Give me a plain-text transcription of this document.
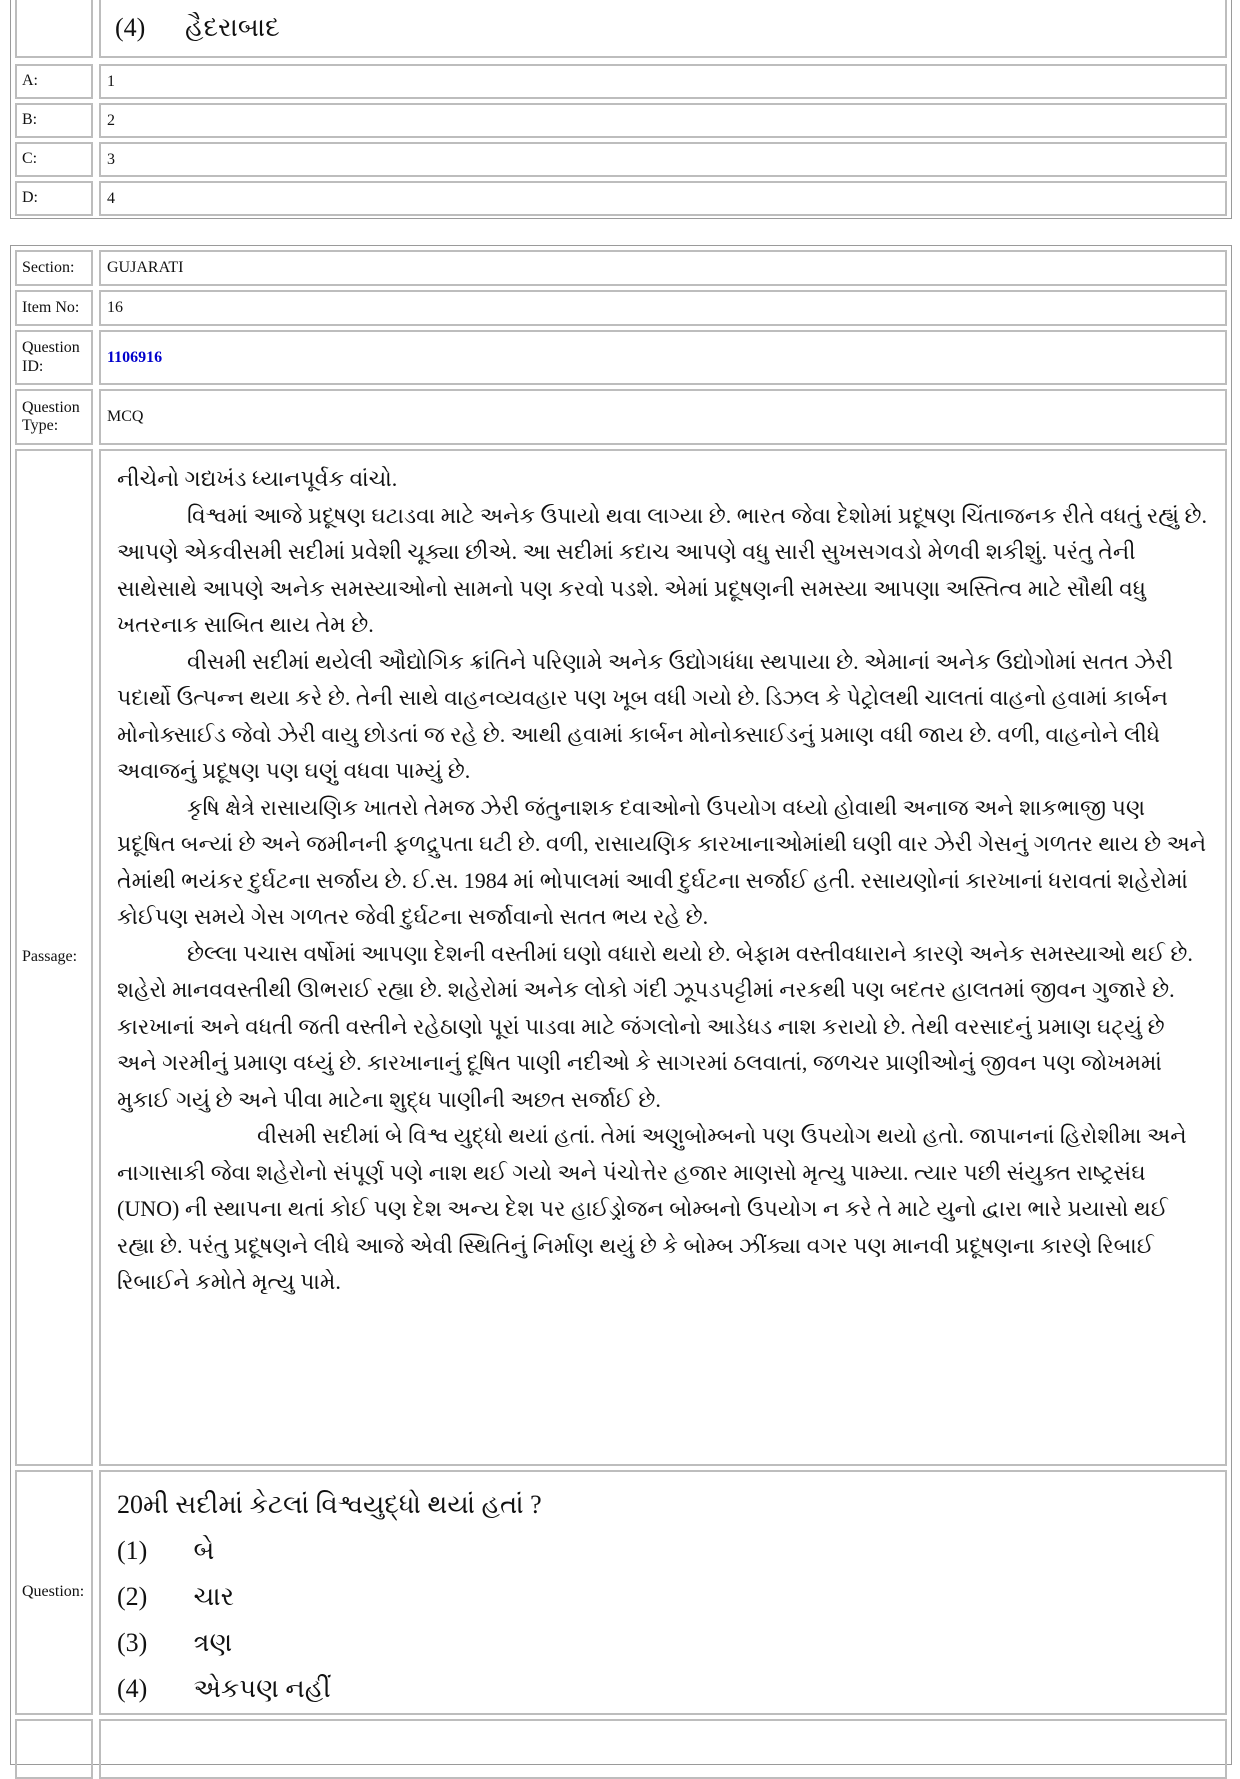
(4)	હૈદરાબાદ
A:	1
B:	2
C:	3
D:	4
Section:	GUJARATI
Item No:	16
Question ID:
1106916
Question Type:
MCQ
Passage:

નીચેનો ગદ્યખંડ ધ્યાનપૂર્વક વાંચો.

વિશ્વમાં આજે પ્રદૂષણ ઘટાડવા માટે અનેક ઉપાયો થવા લાગ્યા છે. ભારત જેવા દેશોમાં પ્રદૂષણ ચિંતાજનક રીતે વધતું રહ્યું છે.

આપણે એકવીસમી સદીમાં પ્રવેશી ચૂક્યા છીએ. આ સદીમાં કદાચ આપણે વધુ સારી સુખસગવડો મેળવી શકીશું. પરંતુ તેની સાથેસાથે આપણે અનેક સમસ્યાઓનો સામનો પણ કરવો પડશે. એમાં પ્રદૂષણની સમસ્યા આપણા અસ્તિત્વ માટે સૌથી વધુ ખતરનાક સાબિત થાય તેમ છે.

વીસમી સદીમાં થયેલી ઔદ્યોગિક ક્રાંતિને પરિણામે અનેક ઉદ્યોગધંધા સ્થપાયા છે. એમાનાં અનેક ઉદ્યોગોમાં સતત ઝેરી પદાર્થો ઉત્પન્ન થયા કરે છે. તેની સાથે વાહનવ્યવહાર પણ ખૂબ વધી ગયો છે. ડિઝલ કે પેટ્રોલથી ચાલતાં વાહનો હવામાં કાર્બન મોનોક્સાઈડ જેવો ઝેરી વાયુ છોડતાં જ રહે છે. આથી હવામાં કાર્બન મોનોક્સાઈડનું પ્રમાણ વધી જાય છે. વળી, વાહનોને લીધે અવાજનું પ્રદૂષણ પણ ઘણું વધવા પામ્યું છે.

કૃષિ ક્ષેત્રે રાસાયણિક ખાતરો તેમજ ઝેરી જંતુનાશક દવાઓનો ઉપયોગ વધ્યો હોવાથી અનાજ અને શાકભાજી પણ પ્રદૂષિત બન્યાં છે અને જમીનની ફળદ્રુપતા ઘટી છે. વળી, રાસાયણિક કારખાનાઓમાંથી ઘણી વાર ઝેરી ગેસનું ગળતર થાય છે અને તેમાંથી ભયંકર દુર્ઘટના સર્જાય છે. ઈ.સ. 1984 માં ભોપાલમાં આવી દુર્ઘટના સર્જાઈ હતી. રસાયણોનાં કારખાનાં ધરાવતાં શહેરોમાં કોઈપણ સમયે ગેસ ગળતર જેવી દુર્ઘટના સર્જાવાનો સતત ભય રહે છે.

છેલ્લા પચાસ વર્ષોમાં આપણા દેશની વસ્તીમાં ઘણો વધારો થયો છે. બેફામ વસ્તીવધારાને કારણે અનેક સમસ્યાઓ થઈ છે. શહેરો માનવવસ્તીથી ઊભરાઈ રહ્યા છે. શહેરોમાં અનેક લોકો ગંદી ઝૂપડપટ્ટીમાં નરકથી પણ બદતર હાલતમાં જીવન ગુજારે છે. કારખાનાં અને વધતી જતી વસ્તીને રહેઠાણો પૂરાં પાડવા માટે જંગલોનો આડેધડ નાશ કરાયો છે. તેથી વરસાદનું પ્રમાણ ઘટ્યું છે અને ગરમીનું પ્રમાણ વધ્યું છે. કારખાનાનું દૂષિત પાણી નદીઓ કે સાગરમાં ઠલવાતાં, જળચર પ્રાણીઓનું જીવન પણ જોખમમાં મુકાઈ ગયું છે અને પીવા માટેના શુદ્ધ પાણીની અછત સર્જાઈ છે.

વીસમી સદીમાં બે વિશ્વ યુદ્ધો થયાં હતાં. તેમાં અણુબોમ્બનો પણ ઉપયોગ થયો હતો. જાપાનનાં હિરોશીમા અને નાગાસાકી જેવા શહેરોનો સંપૂર્ણ પણે નાશ થઈ ગયો અને પંચોત્તેર હજાર માણસો મૃત્યુ પામ્યા. ત્યાર પછી સંયુક્ત રાષ્ટ્રસંઘ (UNO) ની સ્થાપના થતાં કોઈ પણ દેશ અન્ય દેશ પર હાઈડ્રોજન બોમ્બનો ઉપયોગ ન કરે તે માટે યુનો દ્વારા ભારે પ્રયાસો થઈ રહ્યા છે. પરંતુ પ્રદૂષણને લીધે આજે એવી સ્થિતિનું નિર્માણ થયું છે કે બોમ્બ ઝીંક્યા વગર પણ માનવી પ્રદૂષણના કારણે રિબાઈ રિબાઈને કમોતે મૃત્યુ પામે.

Question:
20મી સદીમાં કેટલાં વિશ્વયુદ્ધો થયાં હતાં ?
(1) બે
(2) ચાર
(3) ત્રણ
(4) એકપણ નહીં
